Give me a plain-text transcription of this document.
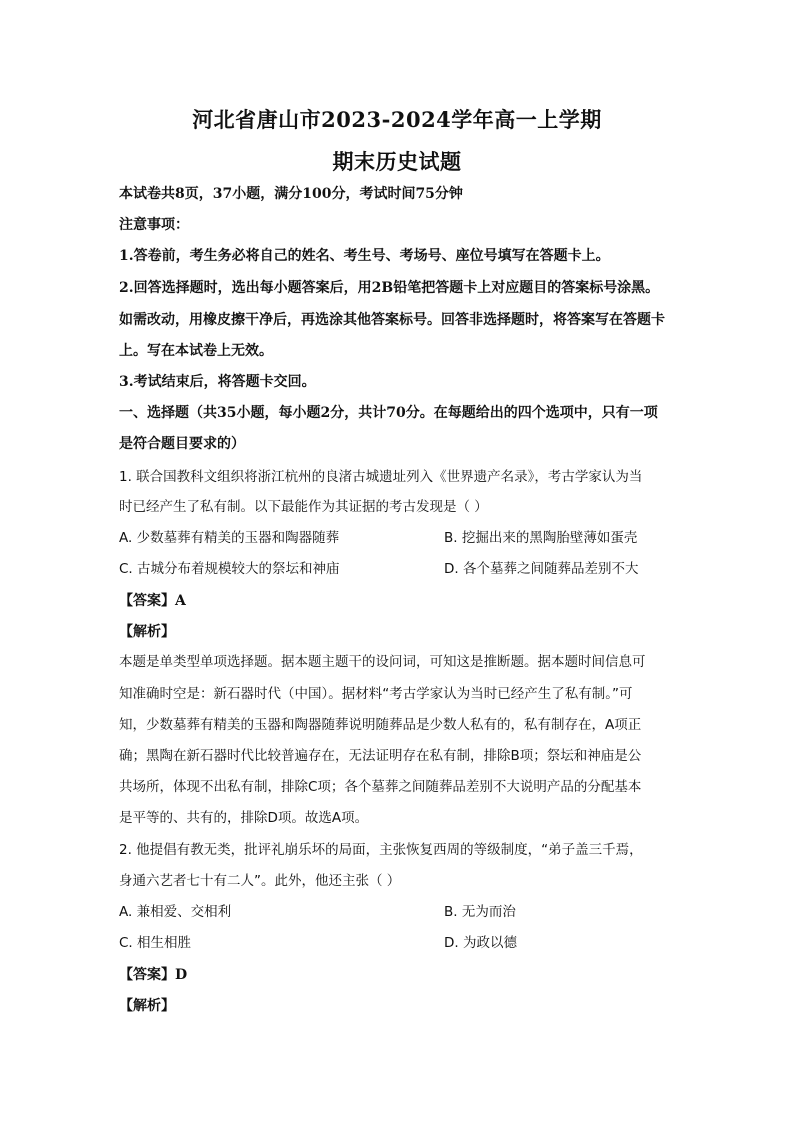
河北省唐山市2023-2024学年高一上学期
期末历史试题
本试卷共8页，37小题，满分100分，考试时间75分钟
注意事项：
1.答卷前，考生务必将自己的姓名、考生号、考场号、座位号填写在答题卡上。
2.回答选择题时，选出每小题答案后，用2B铅笔把答题卡上对应题目的答案标号涂黑。
如需改动，用橡皮擦干净后，再选涂其他答案标号。回答非选择题时，将答案写在答题卡
上。写在本试卷上无效。
3.考试结束后，将答题卡交回。
一、选择题（共35小题，每小题2分，共计70分。在每题给出的四个选项中，只有一项
是符合题目要求的）
1. 联合国教科文组织将浙江杭州的良渚古城遗址列入《世界遗产名录》，考古学家认为当
时已经产生了私有制。以下最能作为其证据的考古发现是（ ）
A. 少数墓葬有精美的玉器和陶器随葬	B. 挖掘出来的黑陶胎壁薄如蛋壳
C. 古城分布着规模较大的祭坛和神庙	D. 各个墓葬之间随葬品差别不大
【答案】A
【解析】
本题是单类型单项选择题。据本题主题干的设问词，可知这是推断题。据本题时间信息可
知准确时空是：新石器时代（中国）。据材料“考古学家认为当时已经产生了私有制。”可
知，少数墓葬有精美的玉器和陶器随葬说明随葬品是少数人私有的，私有制存在，A项正
确；黑陶在新石器时代比较普遍存在，无法证明存在私有制，排除B项；祭坛和神庙是公
共场所，体现不出私有制，排除C项；各个墓葬之间随葬品差别不大说明产品的分配基本
是平等的、共有的，排除D项。故选A项。
2. 他提倡有教无类，批评礼崩乐坏的局面，主张恢复西周的等级制度，“弟子盖三千焉，
身通六艺者七十有二人”。此外，他还主张（ ）
A. 兼相爱、交相利	B. 无为而治
C. 相生相胜	D. 为政以德
【答案】D
【解析】
